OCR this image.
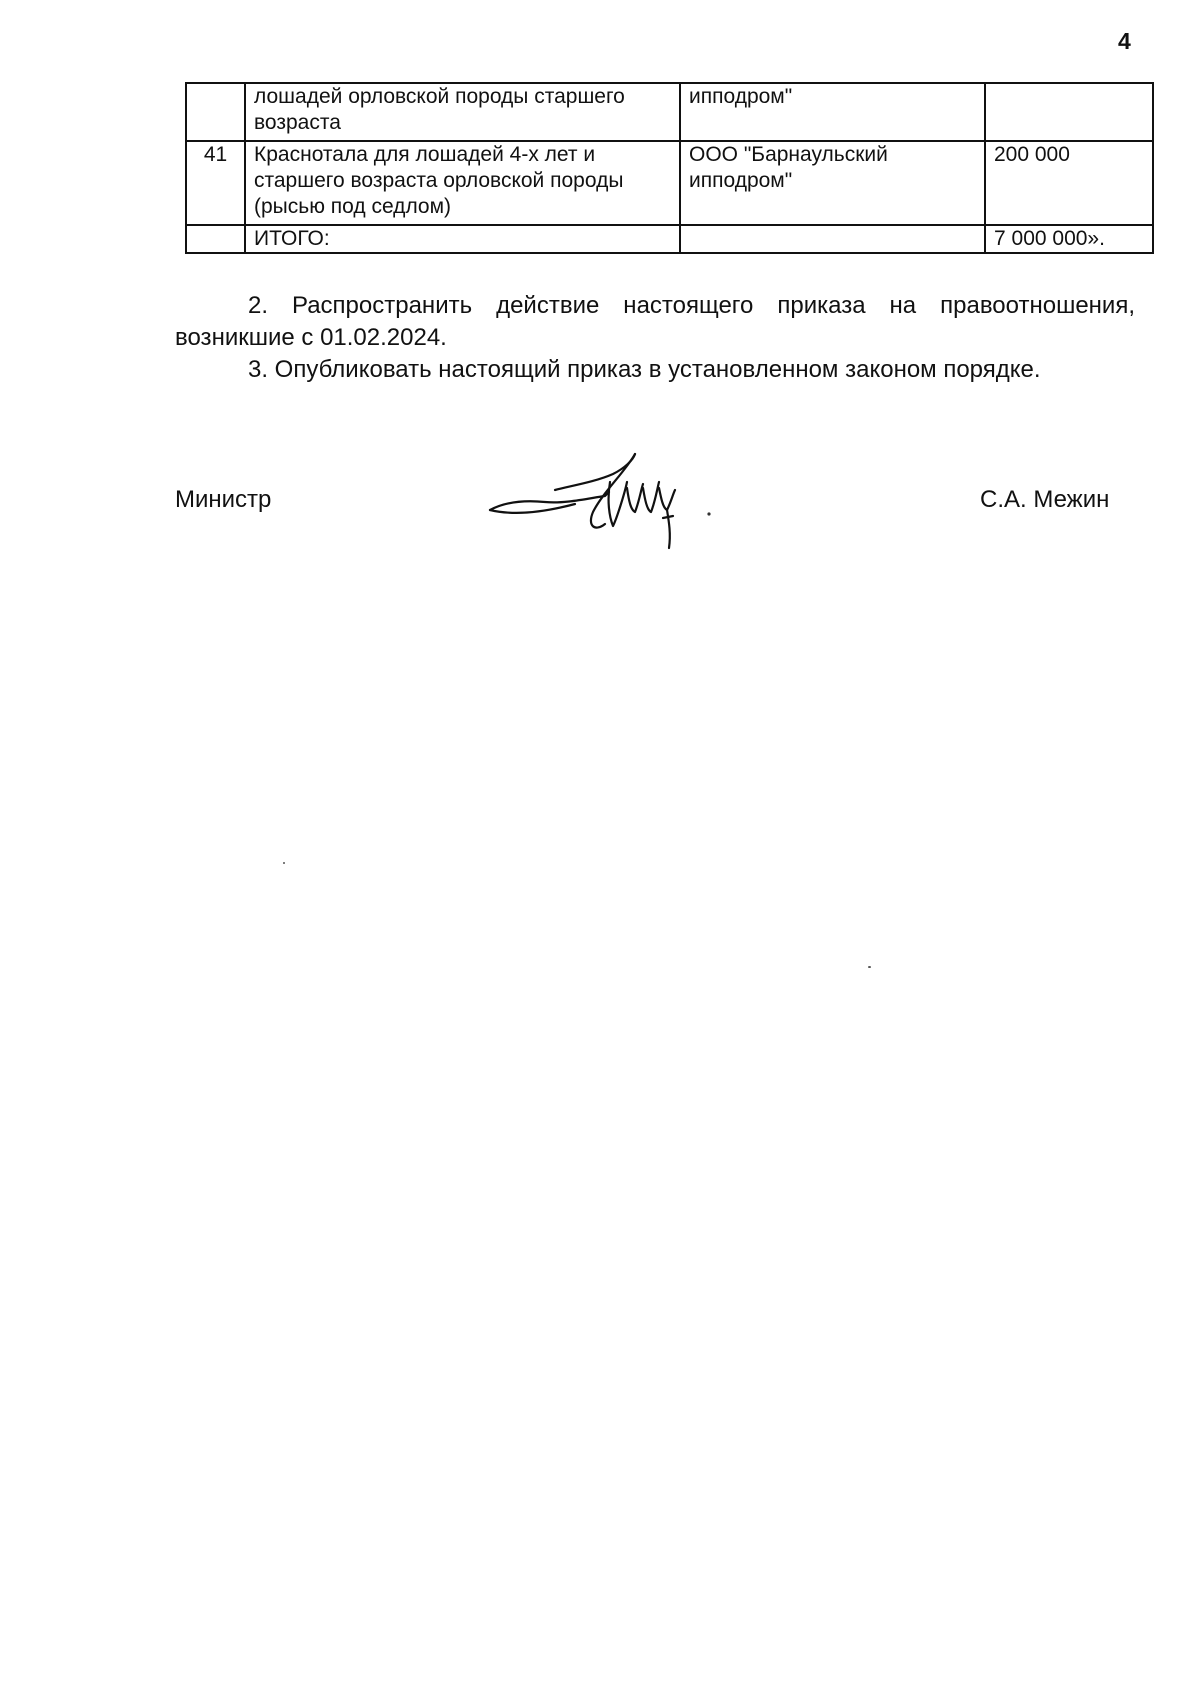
4
	лошадей орловской породы старшего возраста	ипподром"	
41	Краснотала для лошадей 4-х лет и старшего возраста орловской породы (рысью под седлом)	ООО "Барнаульский ипподром"	200 000
	ИТОГО:		7 000 000».

2. Распространить действие настоящего приказа на правоотношения, возникшие с 01.02.2024.

3. Опубликовать настоящий приказ в установленном законом порядке.

Министр	С.А. Межин
